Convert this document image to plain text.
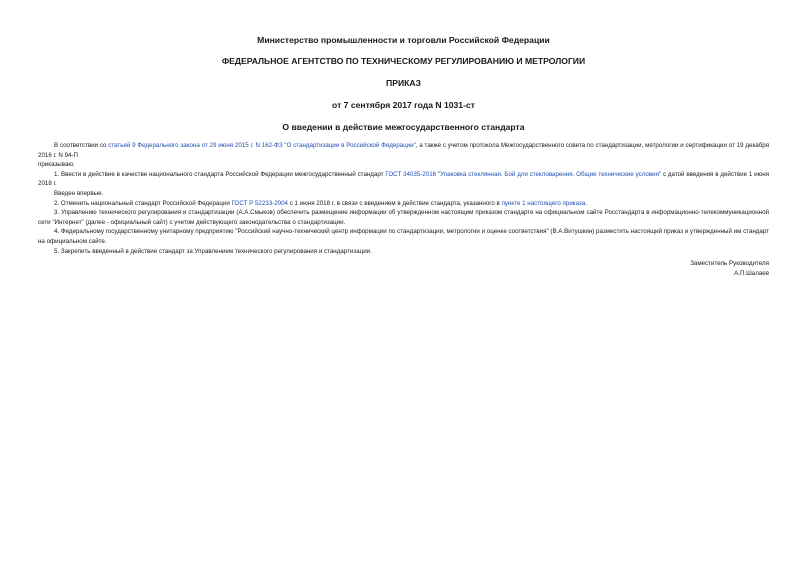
Министерство промышленности и торговли Российской Федерации
ФЕДЕРАЛЬНОЕ АГЕНТСТВО ПО ТЕХНИЧЕСКОМУ РЕГУЛИРОВАНИЮ И МЕТРОЛОГИИ
ПРИКАЗ
от 7 сентября 2017 года N 1031-ст
О введении в действие межгосударственного стандарта

В соответствии со статьей 9 Федерального закона от 29 июня 2015 г. N 162-ФЗ "О стандартизации в Российской Федерации", а также с учетом протокола Межгосударственного совета по стандартизации, метрологии и сертификации от 19 декабря 2016 г. N 94-П

приказываю:

1. Ввести в действие в качестве национального стандарта Российской Федерации межгосударственный стандарт ГОСТ 34035-2016 "Упаковка стеклянная. Бой для стекловарения. Общие технические условия" с датой введения в действие 1 июня 2018 г.

Введен впервые.

2. Отменить национальный стандарт Российской Федерации ГОСТ Р 52233-2004 с 1 июня 2018 г. в связи с введением в действие стандарта, указанного в пункте 1 настоящего приказа.

3. Управлению технического регулирования и стандартизации (А.А.Смыков) обеспечить размещение информации об утвержденном настоящим приказом стандарте на официальном сайте Росстандарта в информационно-телекоммуникационной сети "Интернет" (далее - официальный сайт) с учетом действующего законодательства о стандартизации.

4. Федеральному государственному унитарному предприятию "Российский научно-технический центр информации по стандартизации, метрологии и оценке соответствия" (В.А.Витушкин) разместить настоящий приказ и утвержденный им стандарт на официальном сайте.

5. Закрепить введенный в действие стандарт за Управлением технического регулирования и стандартизации.

Заместитель Руководителя
А.П.Шалаев
